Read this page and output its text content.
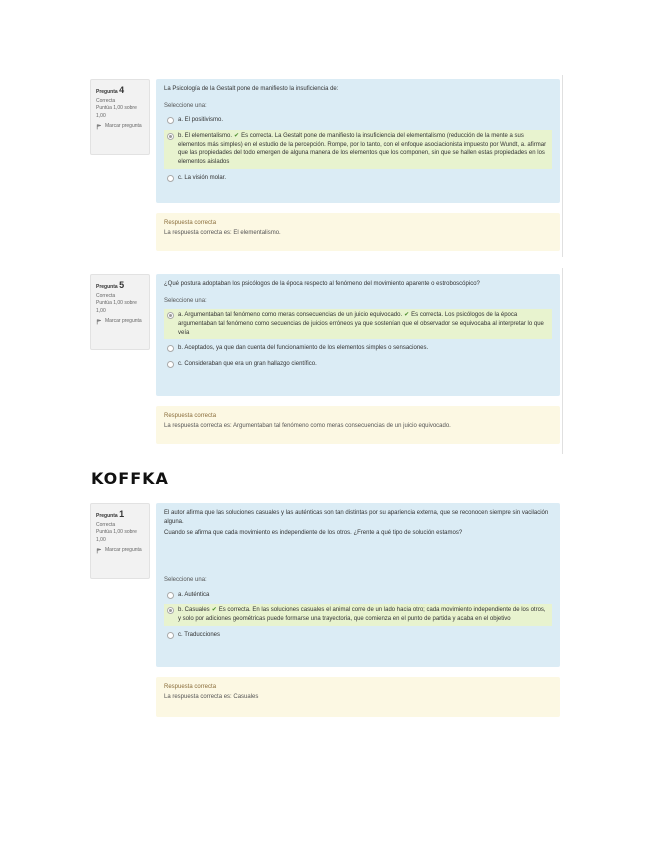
Pregunta 4
Correcta
Puntúa 1,00 sobre 1,00
Marcar pregunta

La Psicología de la Gestalt pone de manifiesto la insuficiencia de:

Seleccione una:

a. El positivismo.
b. El elementalismo. ✔ Es correcta. La Gestalt pone de manifiesto la insuficiencia del elementalismo (reducción de la mente a sus elementos más simples) en el estudio de la percepción. Rompe, por lo tanto, con el enfoque asociacionista impuesto por Wundt, a. afirmar que las propiedades del todo emergen de alguna manera de los elementos que los componen, sin que se hallen estas propiedades en los elementos aislados
c. La visión molar.
Respuesta correcta
La respuesta correcta es: El elementalismo.
Pregunta 5
Correcta
Puntúa 1,00 sobre 1,00
Marcar pregunta

¿Qué postura adoptaban los psicólogos de la época respecto al fenómeno del movimiento aparente o estroboscópico?

Seleccione una:

a. Argumentaban tal fenómeno como meras consecuencias de un juicio equivocado. ✔ Es correcta. Los psicólogos de la época argumentaban tal fenómeno como secuencias de juicios erróneos ya que sostenían que el observador se equivocaba al interpretar lo que veía
b. Aceptados, ya que dan cuenta del funcionamiento de los elementos simples o sensaciones.
c. Consideraban que era un gran hallazgo científico.
Respuesta correcta
La respuesta correcta es: Argumentaban tal fenómeno como meras consecuencias de un juicio equivocado.
KOFFKA
Pregunta 1
Correcta
Puntúa 1,00 sobre 1,00
Marcar pregunta

El autor afirma que las soluciones casuales y las auténticas son tan distintas por su apariencia externa, que se reconocen siempre sin vacilación alguna.

Cuando se afirma que cada movimiento es independiente de los otros. ¿Frente a qué tipo de solución estamos?

Seleccione una:

a. Auténtica
b. Casuales ✔ Es correcta. En las soluciones casuales el animal corre de un lado hacia otro; cada movimiento independiente de los otros, y solo por adiciones geométricas puede formarse una trayectoria, que comienza en el punto de partida y acaba en el objetivo
c. Traducciones
Respuesta correcta
La respuesta correcta es: Casuales
